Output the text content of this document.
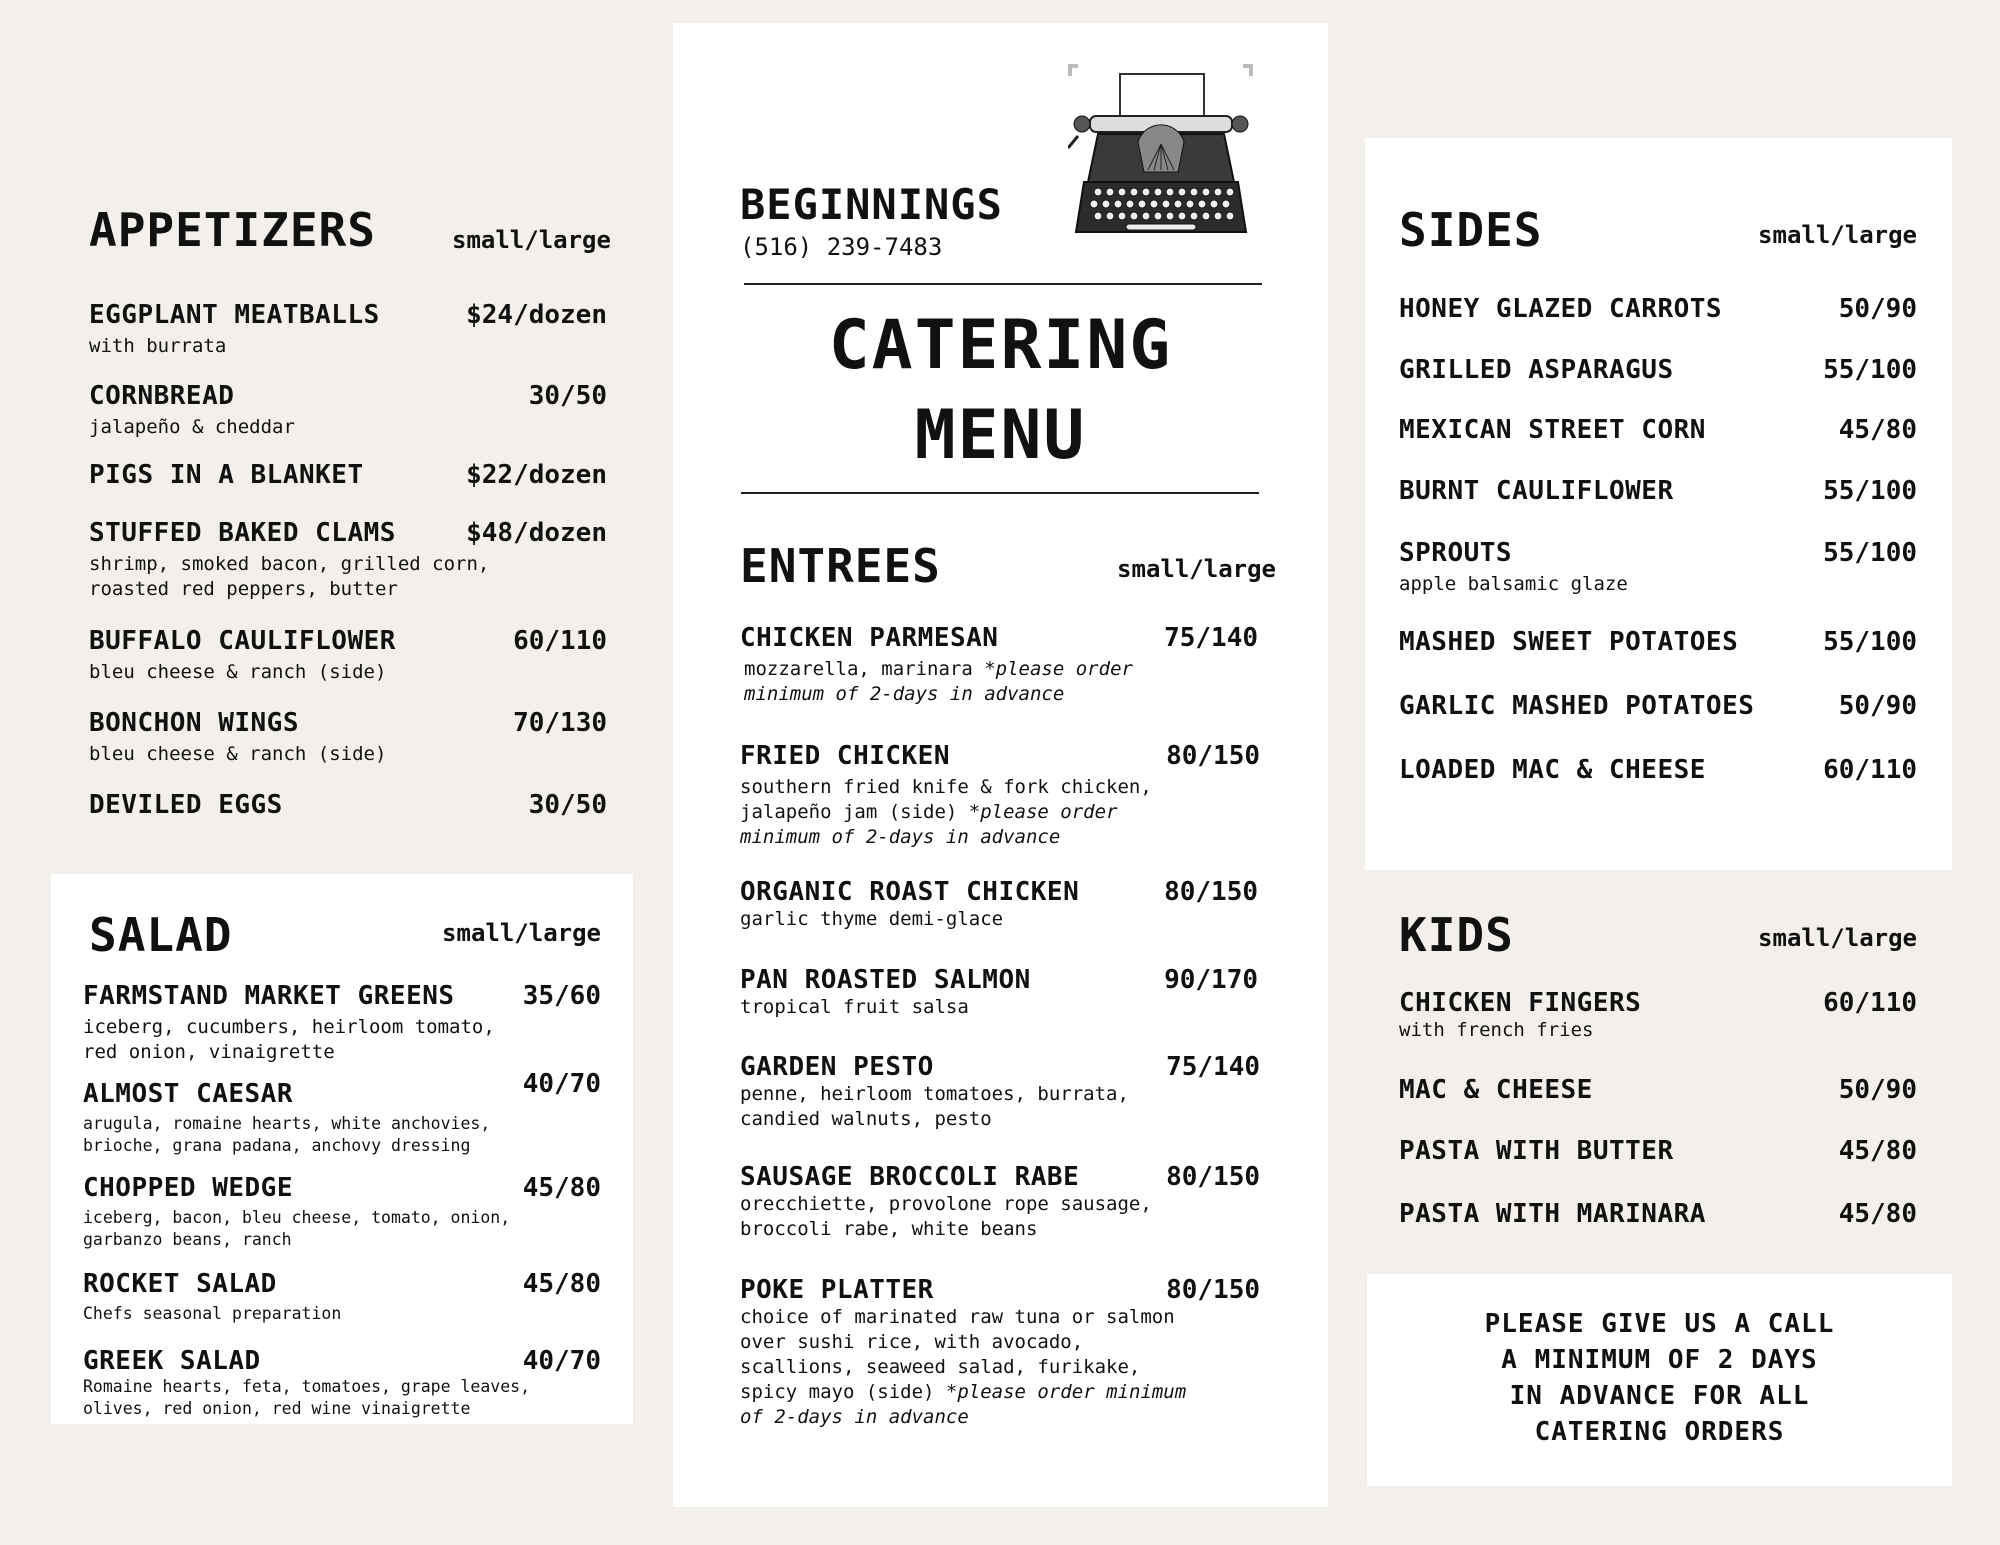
APPETIZERS	small/large
EGGPLANT MEATBALLS	$24/dozen
with burrata
CORNBREAD	30/50
jalapeño & cheddar
PIGS IN A BLANKET	$22/dozen
STUFFED BAKED CLAMS	$48/dozen
shrimp, smoked bacon, grilled corn,
roasted red peppers, butter
BUFFALO CAULIFLOWER	60/110
bleu cheese & ranch (side)
BONCHON WINGS	70/130
bleu cheese & ranch (side)
DEVILED EGGS	30/50
SALAD	small/large
FARMSTAND MARKET GREENS	35/60
iceberg, cucumbers, heirloom tomato,
red onion, vinaigrette
ALMOST CAESAR	40/70
arugula, romaine hearts, white anchovies,
brioche, grana padana, anchovy dressing
CHOPPED WEDGE	45/80
iceberg, bacon, bleu cheese, tomato, onion,
garbanzo beans, ranch
ROCKET SALAD	45/80
Chefs seasonal preparation
GREEK SALAD	40/70
Romaine hearts, feta, tomatoes, grape leaves,
olives, red onion, red wine vinaigrette
BEGINNINGS
(516) 239-7483
CATERING
MENU
ENTREES	small/large
CHICKEN PARMESAN	75/140
mozzarella, marinara *please order
minimum of 2-days in advance
FRIED CHICKEN	80/150
southern fried knife & fork chicken,
jalapeño jam (side) *please order
minimum of 2-days in advance
ORGANIC ROAST CHICKEN	80/150
garlic thyme demi-glace
PAN ROASTED SALMON	90/170
tropical fruit salsa
GARDEN PESTO	75/140
penne, heirloom tomatoes, burrata,
candied walnuts, pesto
SAUSAGE BROCCOLI RABE	80/150
orecchiette, provolone rope sausage,
broccoli rabe, white beans
POKE PLATTER	80/150
choice of marinated raw tuna or salmon
over sushi rice, with avocado,
scallions, seaweed salad, furikake,
spicy mayo (side) *please order minimum
of 2-days in advance
SIDES	small/large
HONEY GLAZED CARROTS	50/90
GRILLED ASPARAGUS	55/100
MEXICAN STREET CORN	45/80
BURNT CAULIFLOWER	55/100
SPROUTS	55/100
apple balsamic glaze
MASHED SWEET POTATOES	55/100
GARLIC MASHED POTATOES	50/90
LOADED MAC & CHEESE	60/110
KIDS	small/large
CHICKEN FINGERS	60/110
with french fries
MAC & CHEESE	50/90
PASTA WITH BUTTER	45/80
PASTA WITH MARINARA	45/80
PLEASE GIVE US A CALL
A MINIMUM OF 2 DAYS
IN ADVANCE FOR ALL
CATERING ORDERS
